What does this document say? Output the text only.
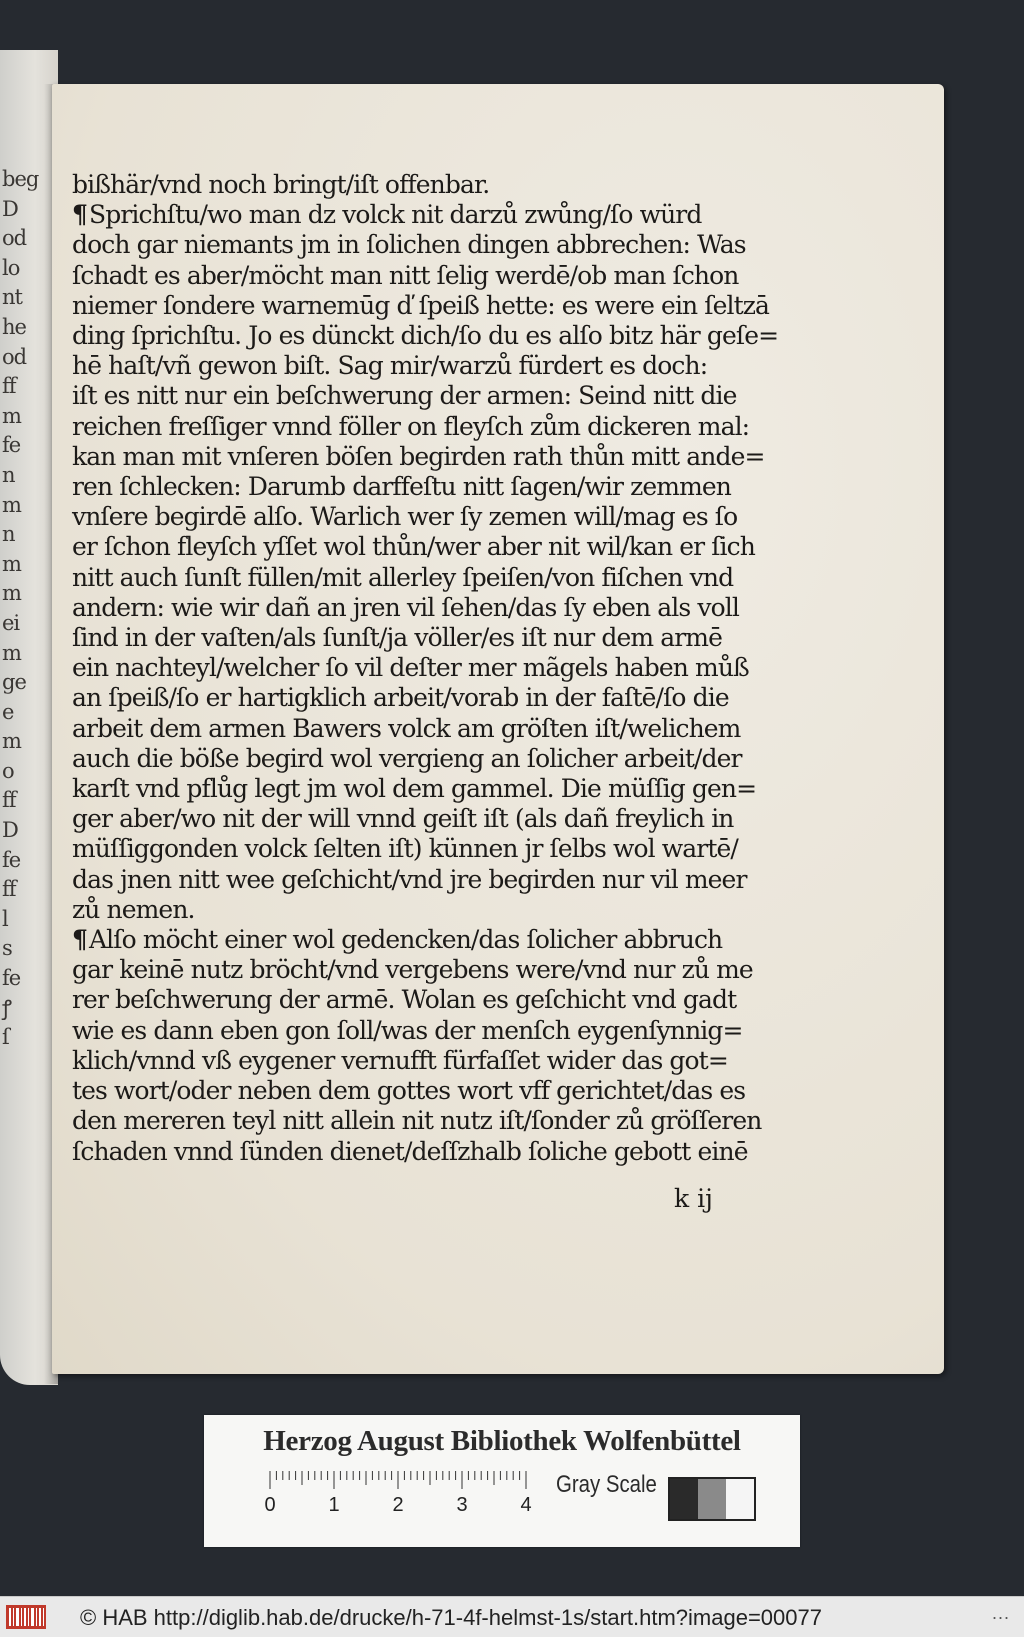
beg
D
od
lo
nt
he
od
ff
m
fe
n
m
n
m
m
ei
m
ge
e
m
o
ff
D
fe
ff
l
s
fe
ꝭ
ſ
bißhär/vnd noch bringt/iſt offenbar.
¶Sprichſtu/wo man dz volck nit darzů zwůng/ſo würd
doch gar niemants jm in ſolichen dingen abbrechen: Was
ſchadt es aber/möcht man nitt ſelig werdē/ob man ſchon
niemer ſondere warnemūg ď ſpeiß hette: es were ein ſeltzā
ding ſprichſtu. Jo es dünckt dich/ſo du es alſo bitz här geſe=
hē haſt/vñ gewon biſt. Sag mir/warzů fürdert es doch:
iſt es nitt nur ein beſchwerung der armen: Seind nitt die
reichen freſſiger vnnd föller on fleyſch zům dickeren mal:
kan man mit vnſeren böſen begirden rath thůn mitt ande=
ren ſchlecken: Darumb darffeſtu nitt ſagen/wir zemmen
vnſere begirdē alſo. Warlich wer ſy zemen will/mag es ſo
er ſchon fleyſch yſſet wol thůn/wer aber nit wil/kan er ſich
nitt auch ſunſt füllen/mit allerley ſpeiſen/von fiſchen vnd
andern: wie wir dañ an jren vil ſehen/das ſy eben als voll
ſind in der vaſten/als ſunſt/ja völler/es iſt nur dem armē
ein nachteyl/welcher ſo vil deſter mer mãgels haben můß
an ſpeiß/ſo er hartigklich arbeit/vorab in der faſtē/ſo die
arbeit dem armen Bawers volck am gröſten iſt/welichem
auch die böße begird wol vergieng an ſolicher arbeit/der
karſt vnd pflůg legt jm wol dem gammel. Die müſſig gen=
ger aber/wo nit der will vnnd geiſt iſt (als dañ freylich in
müſſiggonden volck ſelten iſt) künnen jr ſelbs wol wartē/
das jnen nitt wee geſchicht/vnd jre begirden nur vil meer
zů nemen.
¶Alſo möcht einer wol gedencken/das ſolicher abbruch
gar keinē nutz bröcht/vnd vergebens were/vnd nur zů me
rer beſchwerung der armē. Wolan es geſchicht vnd gadt
wie es dann eben gon ſoll/was der menſch eygenſynnig=
klich/vnnd vß eygener vernufft fürfaſſet wider das got=
tes wort/oder neben dem gottes wort vff gerichtet/das es
den mereren teyl nitt allein nit nutz iſt/ſonder zů gröſſeren
ſchaden vnnd ſünden dienet/deſſzhalb ſoliche gebott einē
k ij
Herzog August Bibliothek Wolfenbüttel
0	1	2	3	4
Gray Scale
© HAB http://diglib.hab.de/drucke/h-71-4f-helmst-1s/start.htm?image=00077	...
